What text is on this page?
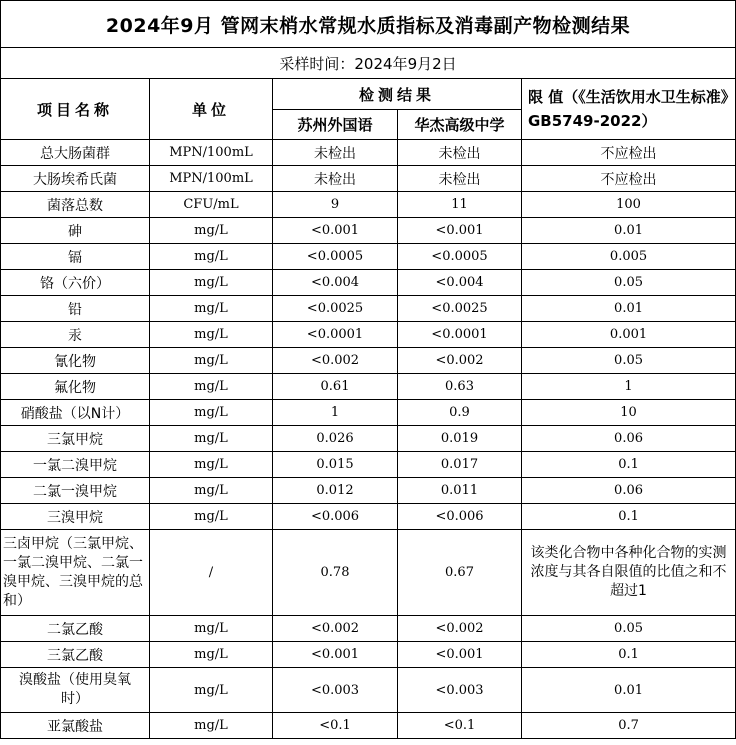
2024年9月 管网末梢水常规水质指标及消毒副产物检测结果				
采样时间：2024年9月2日				
项目名称	单位	检测结果		限 值（《生活饮用水卫生标准》GB5749-2022）
		苏州外国语	华杰高级中学	
总大肠菌群	MPN/100mL	未检出	未检出	不应检出
大肠埃希氏菌	MPN/100mL	未检出	未检出	不应检出
菌落总数	CFU/mL	9	11	100
砷	mg/L	<0.001	<0.001	0.01
镉	mg/L	<0.0005	<0.0005	0.005
铬（六价）	mg/L	<0.004	<0.004	0.05
铅	mg/L	<0.0025	<0.0025	0.01
汞	mg/L	<0.0001	<0.0001	0.001
氰化物	mg/L	<0.002	<0.002	0.05
氟化物	mg/L	0.61	0.63	1
硝酸盐（以N计）	mg/L	1	0.9	10
三氯甲烷	mg/L	0.026	0.019	0.06
一氯二溴甲烷	mg/L	0.015	0.017	0.1
二氯一溴甲烷	mg/L	0.012	0.011	0.06
三溴甲烷	mg/L	<0.006	<0.006	0.1
三卤甲烷（三氯甲烷、一氯二溴甲烷、二氯一溴甲烷、三溴甲烷的总和）	/	0.78	0.67	该类化合物中各种化合物的实测浓度与其各自限值的比值之和不超过1
二氯乙酸	mg/L	<0.002	<0.002	0.05
三氯乙酸	mg/L	<0.001	<0.001	0.1
溴酸盐（使用臭氧时）	mg/L	<0.003	<0.003	0.01
亚氯酸盐	mg/L	<0.1	<0.1	0.7
